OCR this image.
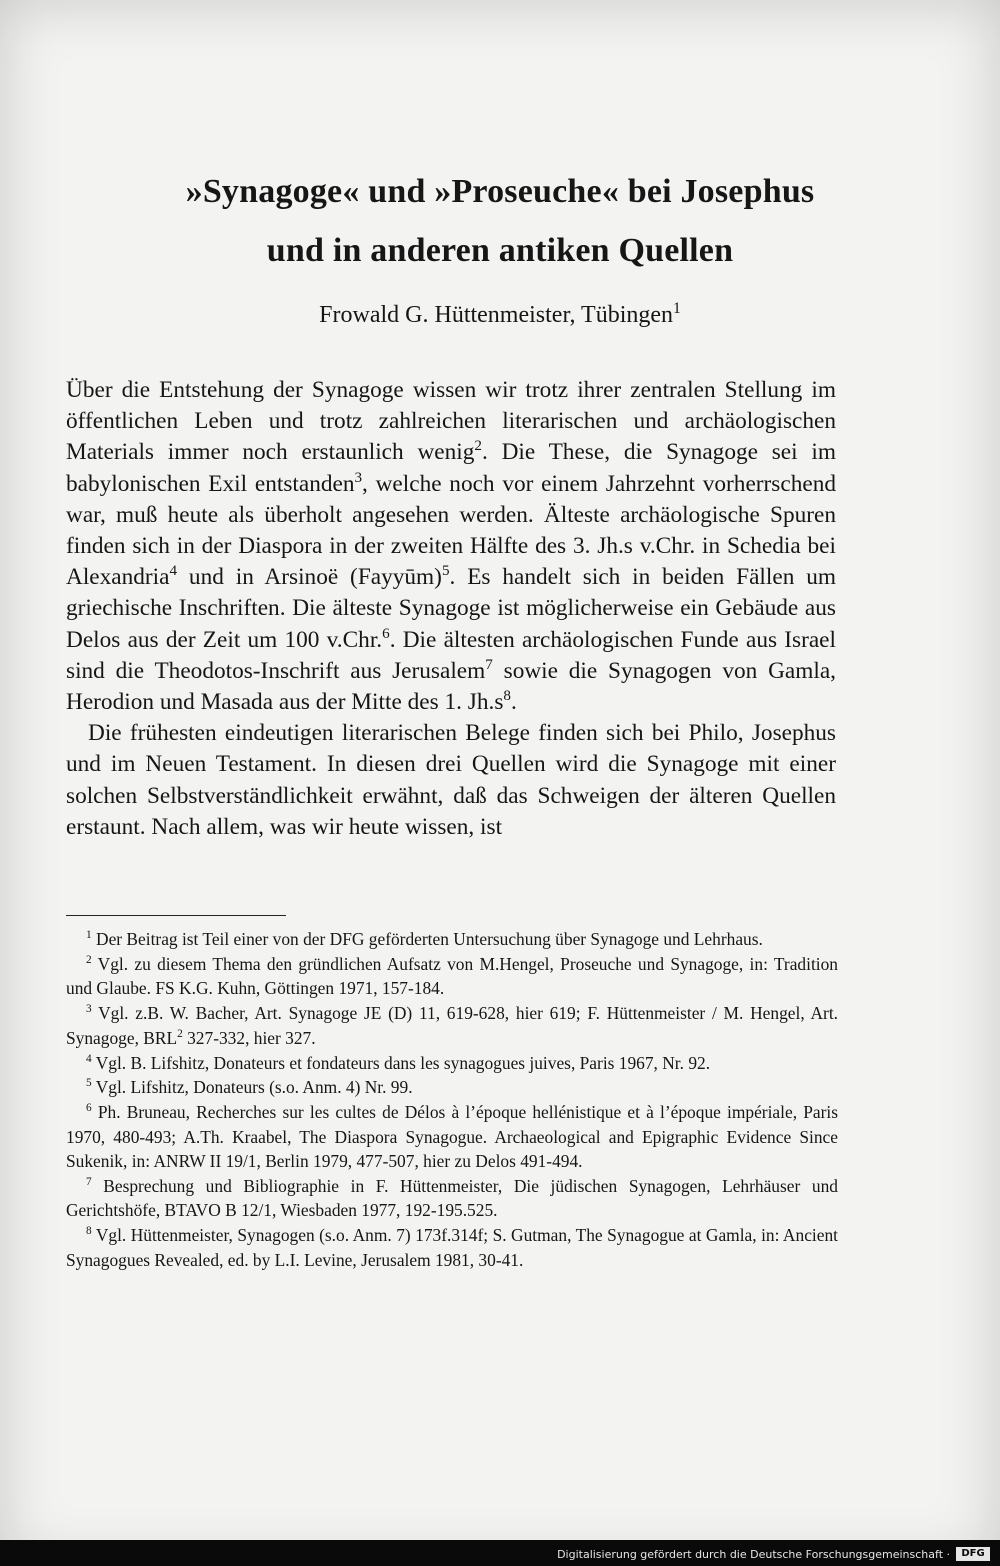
»Synagoge« und »Proseuche« bei Josephus
und in anderen antiken Quellen
Frowald G. Hüttenmeister, Tübingen$^1$

Über die Entstehung der Synagoge wissen wir trotz ihrer zentralen Stellung im öffentlichen Leben und trotz zahlreichen literarischen und archäologischen Materials immer noch erstaunlich wenig$^2$. Die These, die Synagoge sei im babylonischen Exil entstanden$^3$, welche noch vor einem Jahrzehnt vorherrschend war, muß heute als überholt angesehen werden. Älteste archäologische Spuren finden sich in der Diaspora in der zweiten Hälfte des 3. Jh.s v.Chr. in Schedia bei Alexandria$^4$ und in Arsinoë (Fayyūm)$^5$. Es handelt sich in beiden Fällen um griechische Inschriften. Die älteste Synagoge ist möglicherweise ein Gebäude aus Delos aus der Zeit um 100 v.Chr.$^6$. Die ältesten archäologischen Funde aus Israel sind die Theodotos-Inschrift aus Jerusalem$^7$ sowie die Synagogen von Gamla, Herodion und Masada aus der Mitte des 1. $Jh.s^8$.

Die frühesten eindeutigen literarischen Belege finden sich bei Philo, Josephus und im Neuen Testament. In diesen drei Quellen wird die Synagoge mit einer solchen Selbstverständlichkeit erwähnt, daß das Schweigen der älteren Quellen erstaunt. Nach allem, was wir heute wissen, ist

$^1$ Der Beitrag ist Teil einer von der DFG geförderten Untersuchung über Synagoge und Lehrhaus.

$^2$ Vgl. zu diesem Thema den gründlichen Aufsatz von M.Hengel, Proseuche und Synagoge, in: Tradition und Glaube. FS K.G. Kuhn, Göttingen 1971, 157-184.

$^3$ Vgl. z.B. W. Bacher, Art. Synagoge JE (D) 11, 619-628, hier 619; F. Hüttenmeister / M. Hengel, Art. Synagoge, BRL$^2$ 327-332, hier 327.

$^4$ Vgl. B. Lifshitz, Donateurs et fondateurs dans les synagogues juives, Paris 1967, Nr. 92.

$^5$ Vgl. Lifshitz, Donateurs (s.o. Anm. 4) Nr. 99.

$^6$ Ph. Bruneau, Recherches sur les cultes de Délos à l’époque hellénistique et à l’époque impériale, Paris 1970, 480-493; A.Th. Kraabel, The Diaspora Synagogue. Archaeological and Epigraphic Evidence Since Sukenik, in: ANRW II 19/1, Berlin 1979, 477-507, hier zu Delos 491-494.

$^7$ Besprechung und Bibliographie in F. Hüttenmeister, Die jüdischen Synagogen, Lehrhäuser und Gerichtshöfe, BTAVO B 12/1, Wiesbaden 1977, 192-195.525.

$^8$ Vgl. Hüttenmeister, Synagogen (s.o. Anm. 7) 173f.314f; S. Gutman, The Synagogue at Gamla, in: Ancient Synagogues Revealed, ed. by L.I. Levine, Jerusalem 1981, 30-41.

Digitalisierung gefördert durch die Deutsche Forschungsgemeinschaft ·	DFG
